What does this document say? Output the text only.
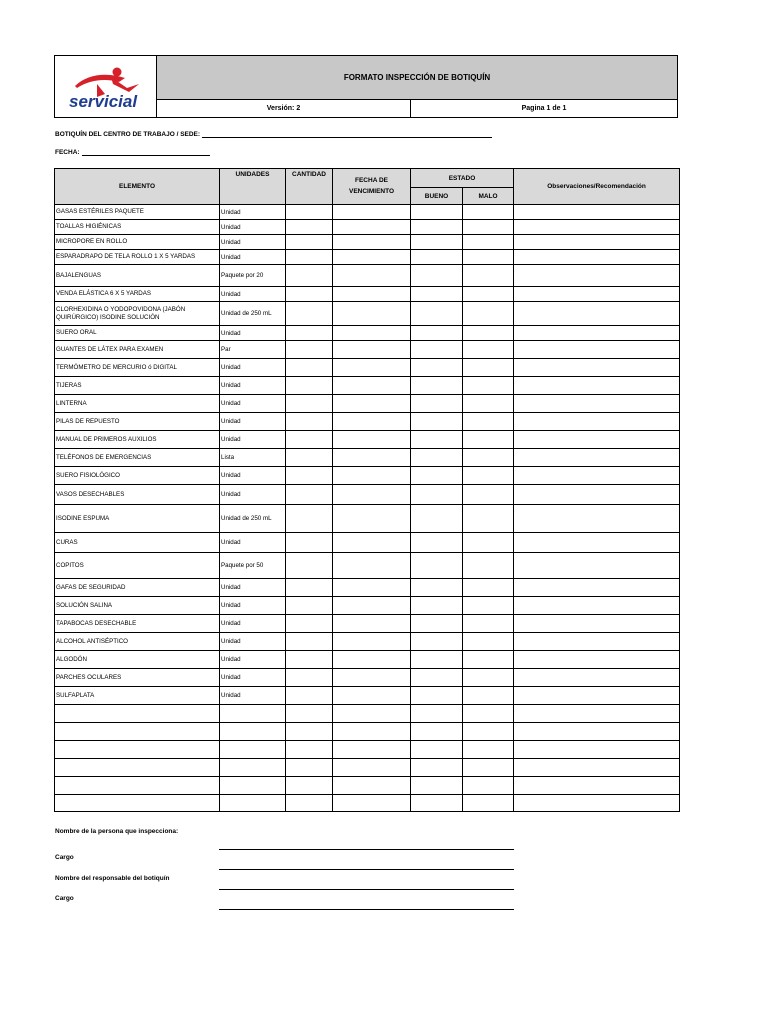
servicial
FORMATO INSPECCIÓN DE BOTIQUÍN
Versión: 2	Pagina 1 de 1
BOTIQUÍN DEL CENTRO DE TRABAJO / SEDE:
FECHA:
ELEMENTO	UNIDADES	CANTIDAD	FECHA DE VENCIMIENTO	ESTADO		Observaciones/Recomendación
				BUENO	MALO	
GASAS ESTÉRILES PAQUETE	Unidad					
TOALLAS HIGIÉNICAS	Unidad					
MICROPORE EN ROLLO	Unidad					
ESPARADRAPO DE TELA ROLLO 1 X 5 YARDAS	Unidad					
BAJALENGUAS	Paquete por 20					
VENDA ELÁSTICA 6 X 5 YARDAS	Unidad					
CLORHEXIDINA O YODOPOVIDONA (JABÓN QUIRÚRGICO) ISODINE SOLUCIÓN	Unidad de 250 mL					
SUERO ORAL	Unidad					
GUANTES DE LÁTEX PARA EXAMEN	Par					
TERMÓMETRO DE MERCURIO ó DIGITAL	Unidad					
TIJERAS	Unidad					
LINTERNA	Unidad					
PILAS DE REPUESTO	Unidad					
MANUAL DE PRIMEROS AUXILIOS	Unidad					
TELÉFONOS DE EMERGENCIAS	Lista					
SUERO FISIOLÓGICO	Unidad					
VASOS DESECHABLES	Unidad					
ISODINE ESPUMA	Unidad de 250 mL					
CURAS	Unidad					
COPITOS	Paquete por 50					
GAFAS DE SEGURIDAD	Unidad					
SOLUCIÓN SALINA	Unidad					
TAPABOCAS DESECHABLE	Unidad					
ALCOHOL ANTISÉPTICO	Unidad					
ALGODÓN	Unidad					
PARCHES OCULARES	Unidad					
SULFAPLATA	Unidad					

Nombre de la persona que inspecciona:
Cargo
Nombre del responsable del botiquín
Cargo
